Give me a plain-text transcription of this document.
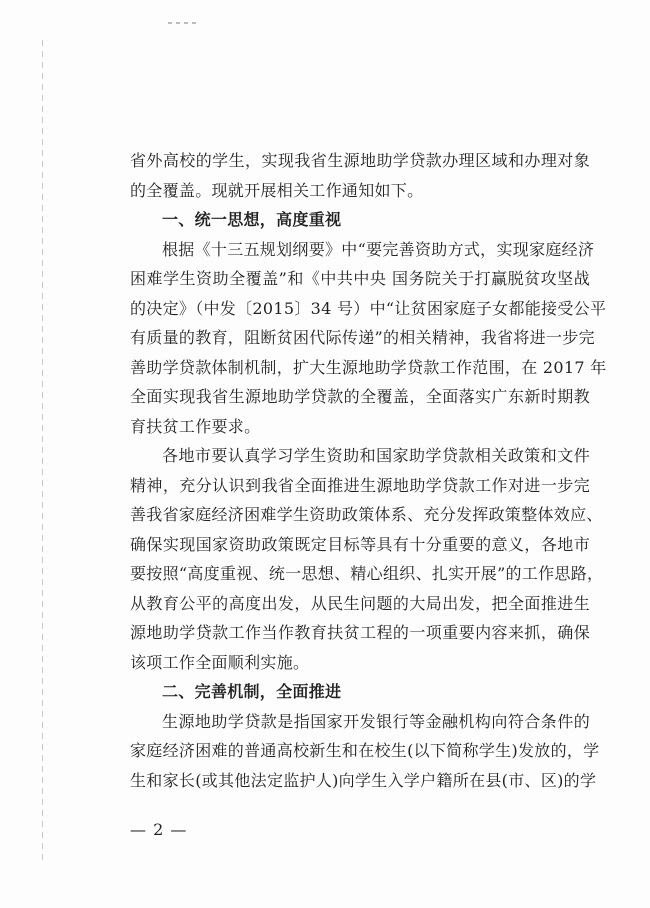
省外高校的学生，实现我省生源地助学贷款办理区域和办理对象

的全覆盖。现就开展相关工作通知如下。

一、统一思想，高度重视

根据《十三五规划纲要》中“要完善资助方式，实现家庭经济

困难学生资助全覆盖”和《中共中央 国务院关于打赢脱贫攻坚战

的决定》（中发〔2015〕34 号）中“让贫困家庭子女都能接受公平

有质量的教育，阻断贫困代际传递”的相关精神，我省将进一步完

善助学贷款体制机制，扩大生源地助学贷款工作范围，在 2017 年

全面实现我省生源地助学贷款的全覆盖，全面落实广东新时期教

育扶贫工作要求。

各地市要认真学习学生资助和国家助学贷款相关政策和文件

精神，充分认识到我省全面推进生源地助学贷款工作对进一步完

善我省家庭经济困难学生资助政策体系、充分发挥政策整体效应、

确保实现国家资助政策既定目标等具有十分重要的意义，各地市

要按照“高度重视、统一思想、精心组织、扎实开展”的工作思路，

从教育公平的高度出发，从民生问题的大局出发，把全面推进生

源地助学贷款工作当作教育扶贫工程的一项重要内容来抓，确保

该项工作全面顺利实施。

二、完善机制，全面推进

生源地助学贷款是指国家开发银行等金融机构向符合条件的

家庭经济困难的普通高校新生和在校生(以下简称学生)发放的，学

生和家长(或其他法定监护人)向学生入学户籍所在县(市、区)的学

— 2 —
